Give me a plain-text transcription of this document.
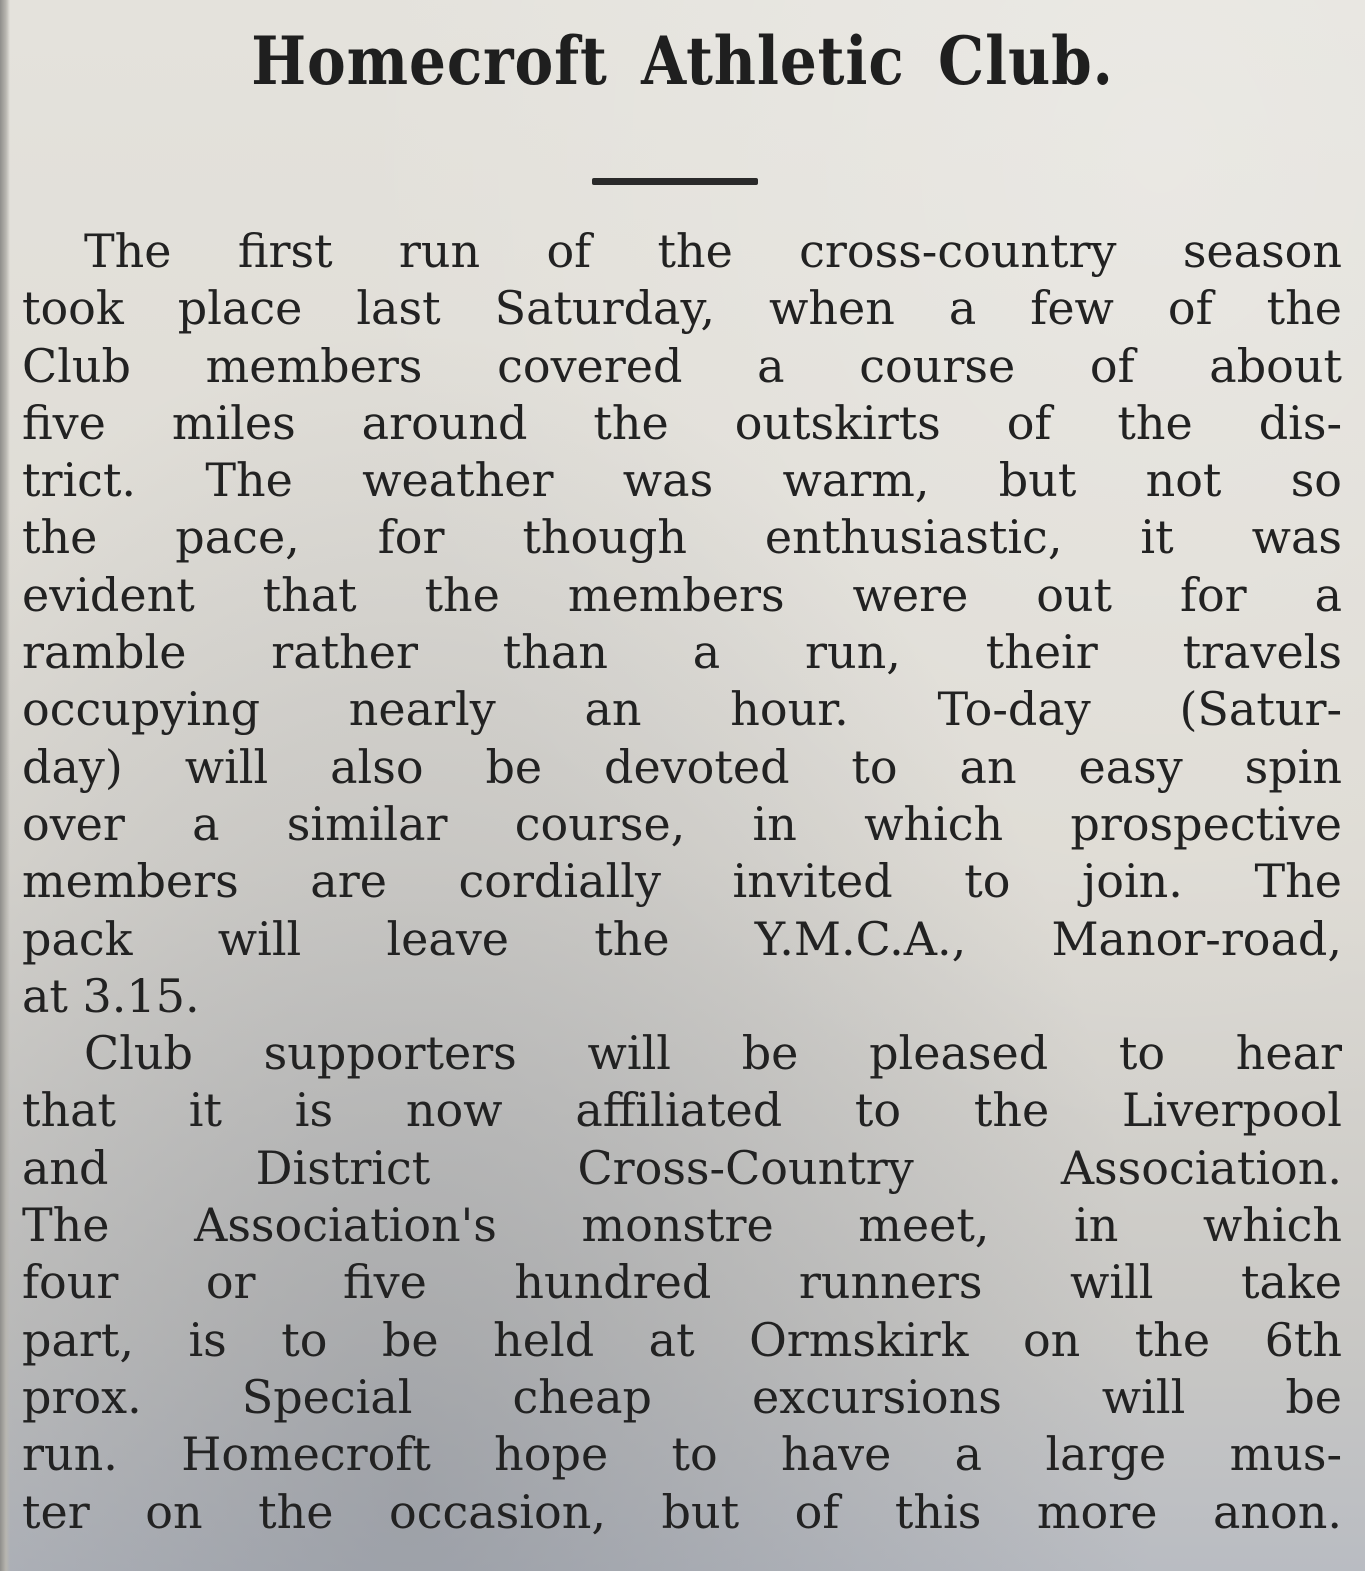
Homecroft Athletic Club.
The first run of the cross-country season
took place last Saturday, when a few of the
Club members covered a course of about
five miles around the outskirts of the dis-
trict. The weather was warm, but not so
the pace, for though enthusiastic, it was
evident that the members were out for a
ramble rather than a run, their travels
occupying nearly an hour. To-day (Satur-
day) will also be devoted to an easy spin
over a similar course, in which prospective
members are cordially invited to join. The
pack will leave the Y.M.C.A., Manor-road,
at 3.15.
Club supporters will be pleased to hear
that it is now affiliated to the Liverpool
and District Cross-Country Association.
The Association's monstre meet, in which
four or five hundred runners will take
part, is to be held at Ormskirk on the 6th
prox. Special cheap excursions will be
run. Homecroft hope to have a large mus-
ter on the occasion, but of this more anon.
